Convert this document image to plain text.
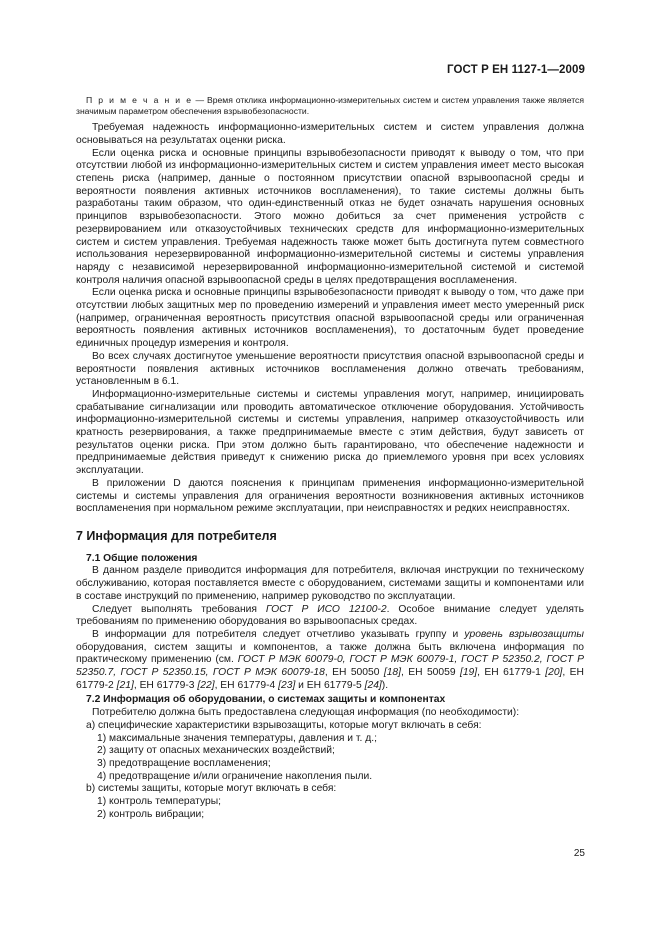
ГОСТ Р ЕН 1127-1—2009
П р и м е ч а н и е — Время отклика информационно-измерительных систем и систем управления также является значимым параметром обеспечения взрывобезопасности.

Требуемая надежность информационно-измерительных систем и систем управления должна основываться на результатах оценки риска.

Если оценка риска и основные принципы взрывобезопасности приводят к выводу о том, что при отсутствии любой из информационно-измерительных систем и систем управления имеет место высокая степень риска (например, данные о постоянном присутствии опасной взрывоопасной среды и вероятности появления активных источников воспламенения), то такие системы должны быть разработаны таким образом, что один-единственный отказ не будет означать нарушения основных принципов взрывобезопасности. Этого можно добиться за счет применения устройств с резервированием или отказоустойчивых технических средств для информационно-измерительных систем и систем управления. Требуемая надежность также может быть достигнута путем совместного использования нерезервированной информационно-измерительной системы и системы управления наряду с независимой нерезервированной информационно-измерительной системой и системой контроля наличия опасной взрывоопасной среды в целях предотвращения воспламенения.

Если оценка риска и основные принципы взрывобезопасности приводят к выводу о том, что даже при отсутствии любых защитных мер по проведению измерений и управления имеет место умеренный риск (например, ограниченная вероятность присутствия опасной взрывоопасной среды или ограниченная вероятность появления активных источников воспламенения), то достаточным будет проведение единичных процедур измерения и контроля.

Во всех случаях достигнутое уменьшение вероятности присутствия опасной взрывоопасной среды и вероятности появления активных источников воспламенения должно отвечать требованиям, установленным в 6.1.

Информационно-измерительные системы и системы управления могут, например, инициировать срабатывание сигнализации или проводить автоматическое отключение оборудования. Устойчивость информационно-измерительной системы и системы управления, например отказоустойчивость или кратность резервирования, а также предпринимаемые вместе с этим действия, будут зависеть от результатов оценки риска. При этом должно быть гарантировано, что обеспечение надежности и предпринимаемые действия приведут к снижению риска до приемлемого уровня при всех условиях эксплуатации.

В приложении D даются пояснения к принципам применения информационно-измерительной системы и системы управления для ограничения вероятности возникновения активных источников воспламенения при нормальном режиме эксплуатации, при неисправностях и редких неисправностях.

7 Информация для потребителя

7.1 Общие положения

В данном разделе приводится информация для потребителя, включая инструкции по техническому обслуживанию, которая поставляется вместе с оборудованием, системами защиты и компонентами или в составе инструкций по применению, например руководство по эксплуатации.

Следует выполнять требования ГОСТ Р ИСО 12100-2. Особое внимание следует уделять требованиям по применению оборудования во взрывоопасных средах.

В информации для потребителя следует отчетливо указывать группу и уровень взрывозащиты оборудования, систем защиты и компонентов, а также должна быть включена информация по практическому применению (см. ГОСТ Р МЭК 60079-0, ГОСТ Р МЭК 60079-1, ГОСТ Р 52350.2, ГОСТ Р 52350.7, ГОСТ Р 52350.15, ГОСТ Р МЭК 60079-18, ЕН 50050 [18], ЕН 50059 [19], ЕН 61779-1 [20], ЕН 61779-2 [21], ЕН 61779-3 [22], ЕН 61779-4 [23] и ЕН 61779-5 [24]).

7.2 Информация об оборудовании, о системах защиты и компонентах

Потребителю должна быть предоставлена следующая информация (по необходимости):

a) специфические характеристики взрывозащиты, которые могут включать в себя:
1) максимальные значения температуры, давления и т. д.;
2) защиту от опасных механических воздействий;
3) предотвращение воспламенения;
4) предотвращение и/или ограничение накопления пыли.
b) системы защиты, которые могут включать в себя:
1) контроль температуры;
2) контроль вибрации;
25
